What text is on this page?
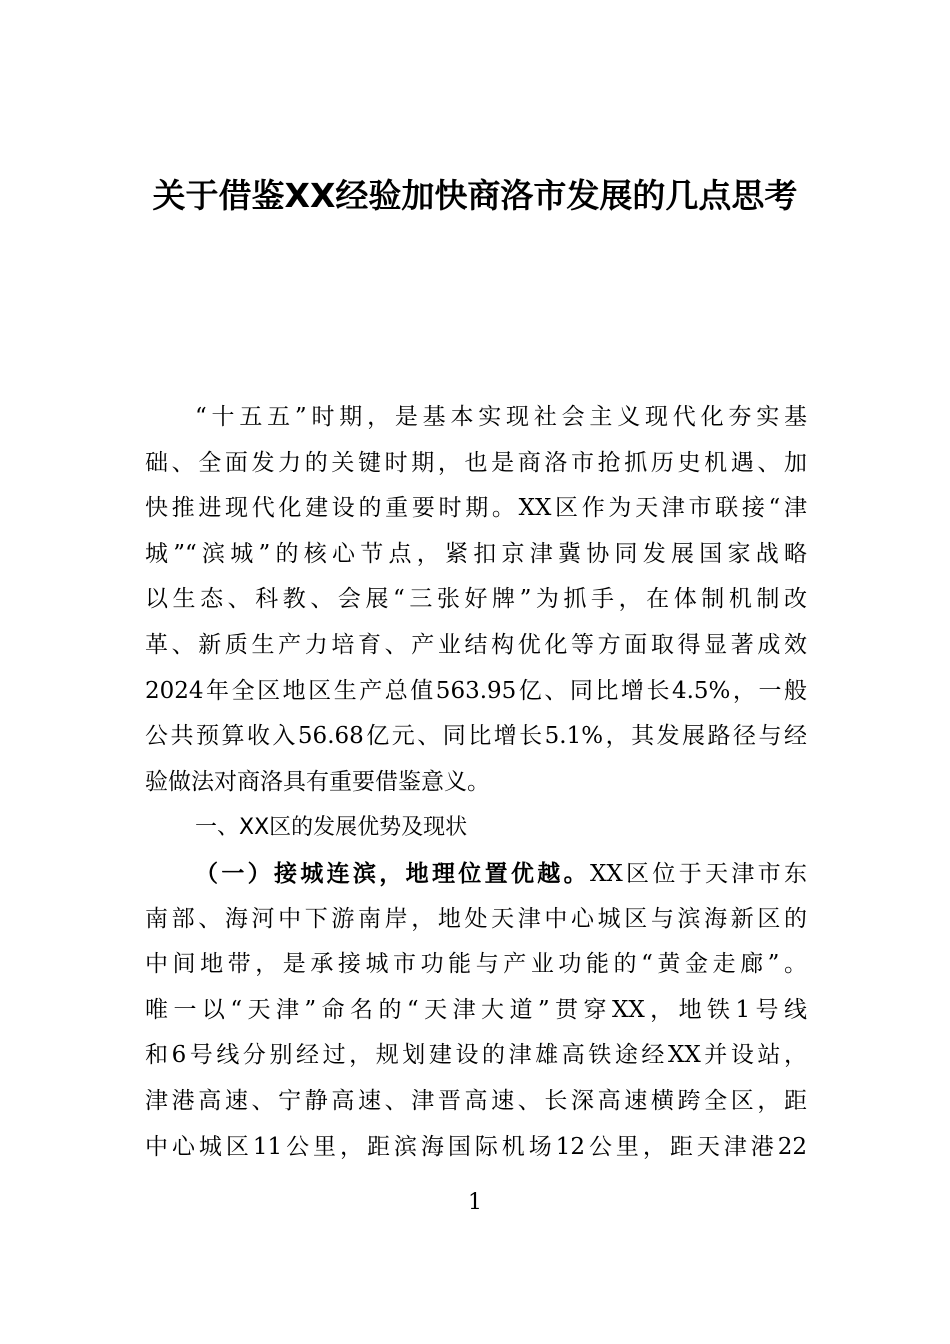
关于借鉴XX经验加快商洛市发展的几点思考
“十五五”时期，是基本实现社会主义现代化夯实基
础、全面发力的关键时期，也是商洛市抢抓历史机遇、加
快推进现代化建设的重要时期。XX区作为天津市联接“津
城”“滨城”的核心节点，紧扣京津冀协同发展国家战略
以生态、科教、会展“三张好牌”为抓手，在体制机制改
革、新质生产力培育、产业结构优化等方面取得显著成效
2024年全区地区生产总值563.95亿、同比增长4.5%，一般
公共预算收入56.68亿元、同比增长5.1%，其发展路径与经
验做法对商洛具有重要借鉴意义。
一、XX区的发展优势及现状
（一）接城连滨，地理位置优越。XX区位于天津市东
南部、海河中下游南岸，地处天津中心城区与滨海新区的
中间地带，是承接城市功能与产业功能的“黄金走廊”。
唯一以“天津”命名的“天津大道”贯穿XX，地铁1号线
和6号线分别经过，规划建设的津雄高铁途经XX并设站，
津港高速、宁静高速、津晋高速、长深高速横跨全区，距
中心城区11公里，距滨海国际机场12公里，距天津港22
1
